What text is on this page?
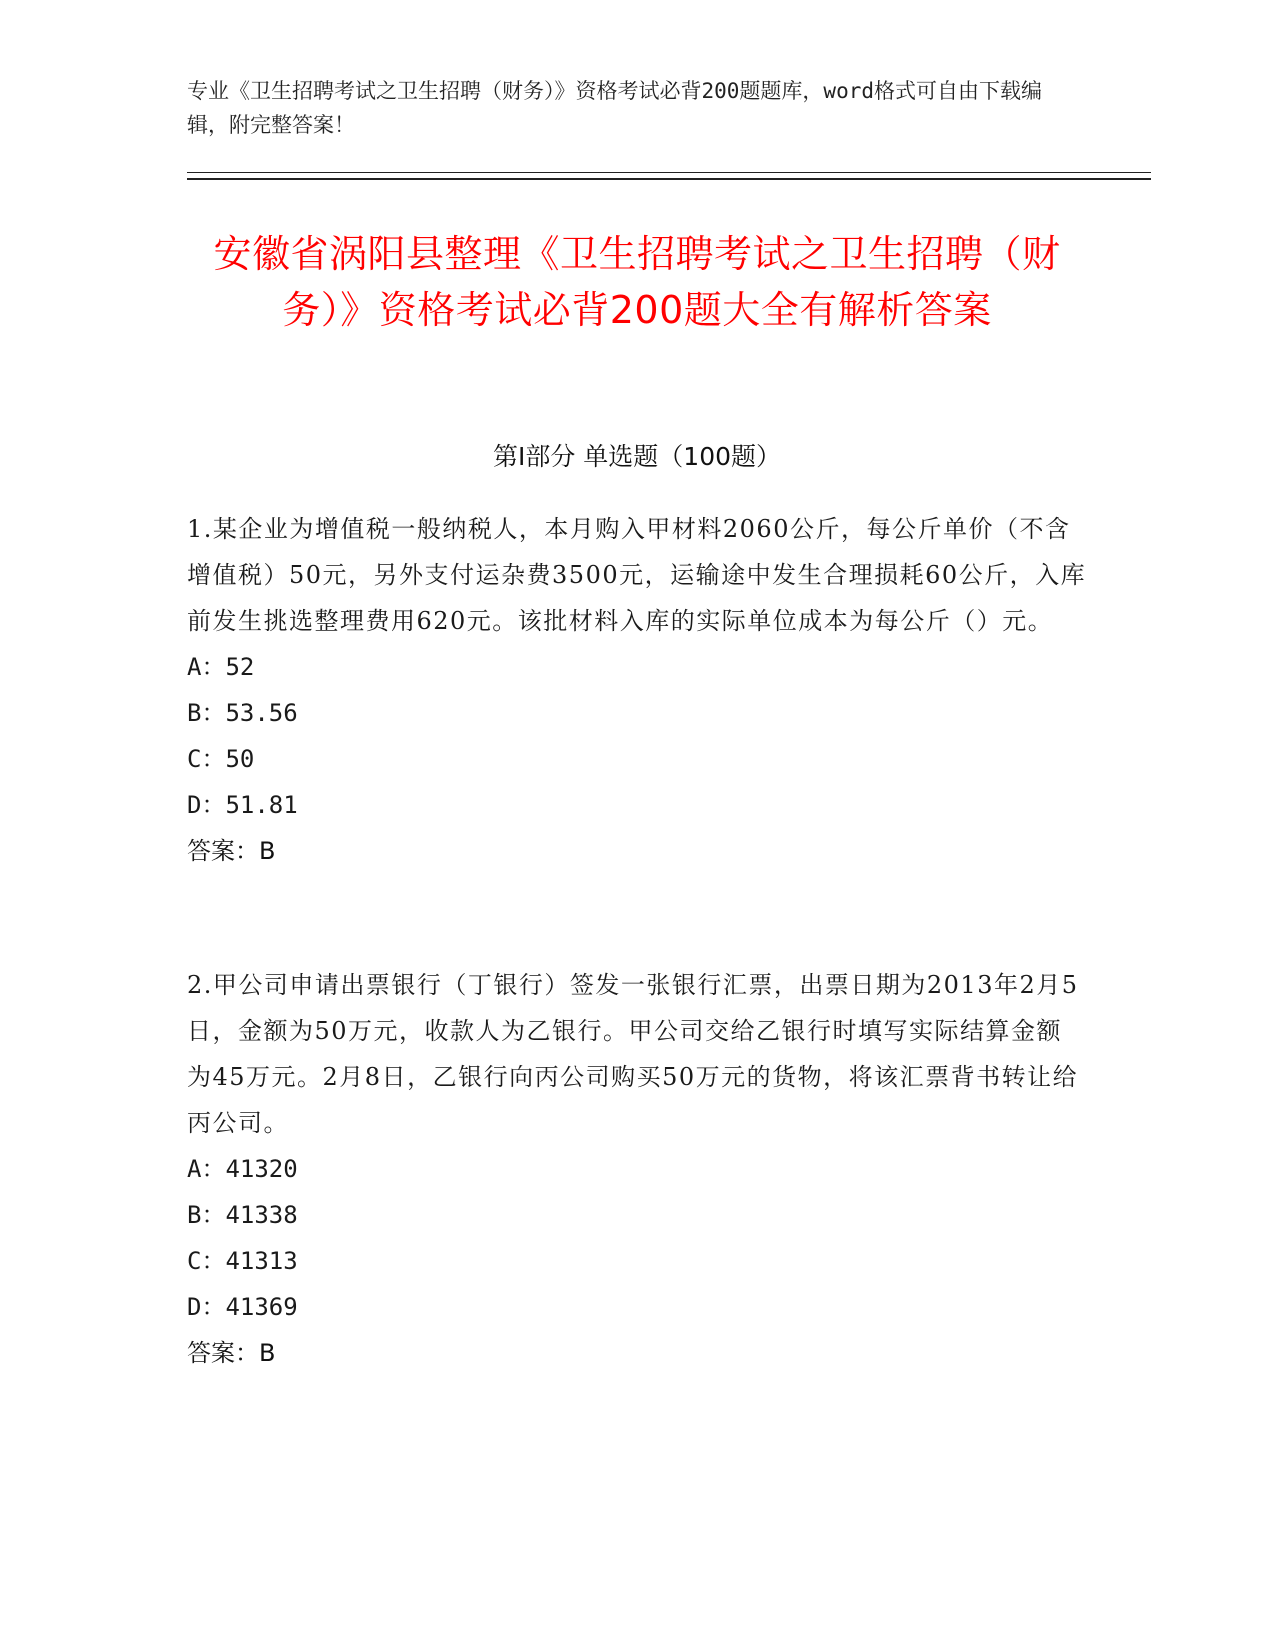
专业《卫生招聘考试之卫生招聘（财务）》资格考试必背200题题库，word格式可自由下载编辑，附完整答案！
安徽省涡阳县整理《卫生招聘考试之卫生招聘（财务）》资格考试必背200题大全有解析答案
第Ⅰ部分 单选题（100题）

1.某企业为增值税一般纳税人，本月购入甲材料2060公斤，每公斤单价（不含增值税）50元，另外支付运杂费3500元，运输途中发生合理损耗60公斤，入库前发生挑选整理费用620元。该批材料入库的实际单位成本为每公斤（）元。

A：52
B：53.56
C：50
D：51.81
答案：B

2.甲公司申请出票银行（丁银行）签发一张银行汇票，出票日期为2013年2月5日，金额为50万元，收款人为乙银行。甲公司交给乙银行时填写实际结算金额为45万元。2月8日，乙银行向丙公司购买50万元的货物，将该汇票背书转让给丙公司。

A：41320
B：41338
C：41313
D：41369
答案：B
